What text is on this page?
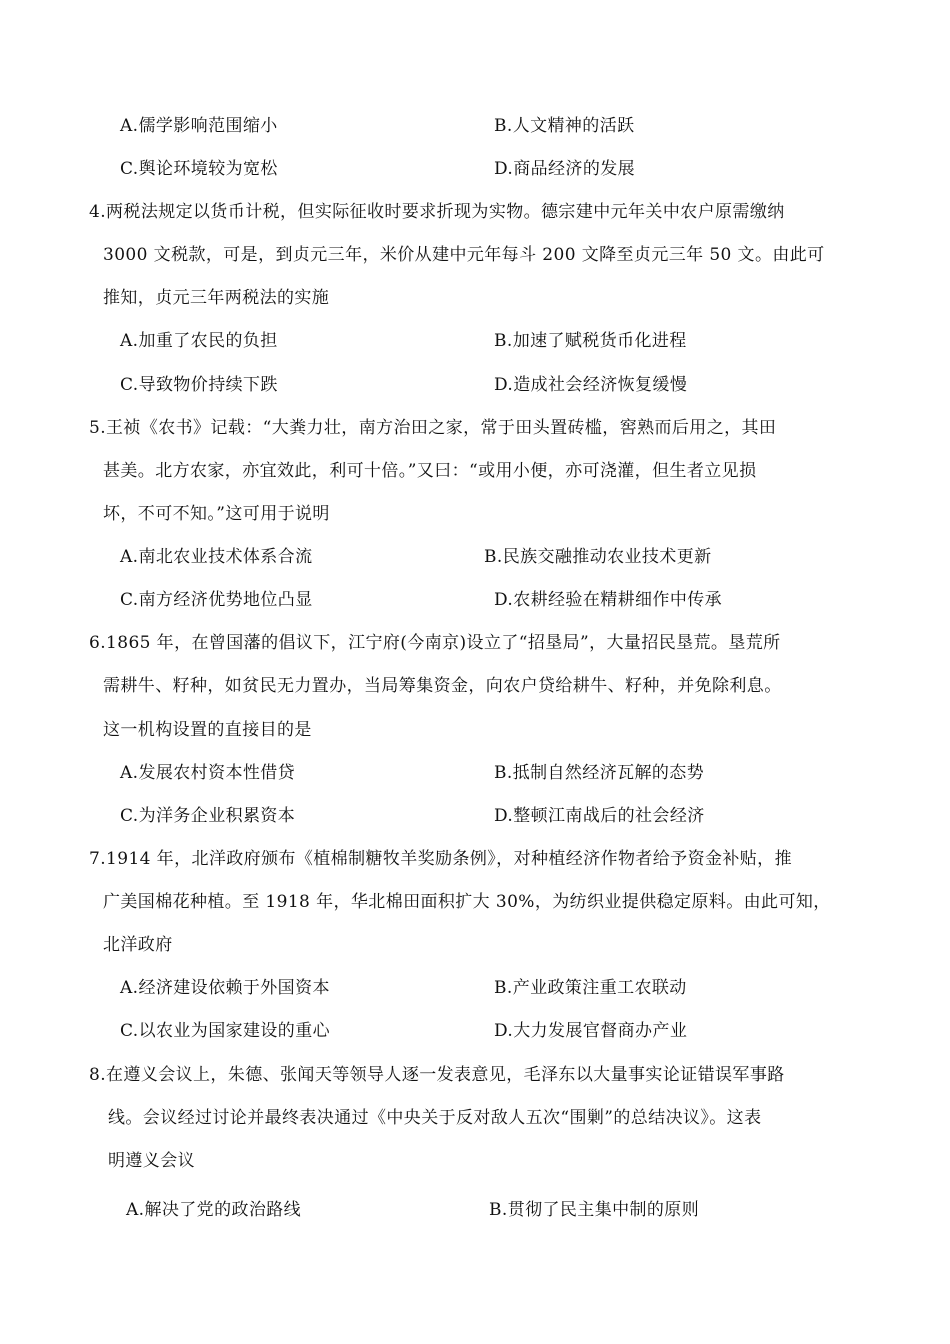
A.儒学影响范围缩小	B.人文精神的活跃
C.舆论环境较为宽松	D.商品经济的发展
4.两税法规定以货币计税，但实际征收时要求折现为实物。德宗建中元年关中农户原需缴纳
3000 文税款，可是，到贞元三年，米价从建中元年每斗 200 文降至贞元三年 50 文。由此可
推知，贞元三年两税法的实施
A.加重了农民的负担	B.加速了赋税货币化进程
C.导致物价持续下跌	D.造成社会经济恢复缓慢
5.王祯《农书》记载：“大粪力壮，南方治田之家，常于田头置砖槛，窖熟而后用之，其田
甚美。北方农家，亦宜效此，利可十倍。”又曰：“或用小便，亦可浇灌，但生者立见损
坏，不可不知。”这可用于说明
A.南北农业技术体系合流	B.民族交融推动农业技术更新
C.南方经济优势地位凸显	D.农耕经验在精耕细作中传承
6.1865 年，在曾国藩的倡议下，江宁府(今南京)设立了“招垦局”，大量招民垦荒。垦荒所
需耕牛、籽种，如贫民无力置办，当局筹集资金，向农户贷给耕牛、籽种，并免除利息。
这一机构设置的直接目的是
A.发展农村资本性借贷	B.抵制自然经济瓦解的态势
C.为洋务企业积累资本	D.整顿江南战后的社会经济
7.1914 年，北洋政府颁布《植棉制糖牧羊奖励条例》，对种植经济作物者给予资金补贴，推
广美国棉花种植。至 1918 年，华北棉田面积扩大 30%，为纺织业提供稳定原料。由此可知，
北洋政府
A.经济建设依赖于外国资本	B.产业政策注重工农联动
C.以农业为国家建设的重心	D.大力发展官督商办产业
8.在遵义会议上，朱德、张闻天等领导人逐一发表意见，毛泽东以大量事实论证错误军事路
线。会议经过讨论并最终表决通过《中央关于反对敌人五次“围剿”的总结决议》。这表
明遵义会议
A.解决了党的政治路线	B.贯彻了民主集中制的原则
